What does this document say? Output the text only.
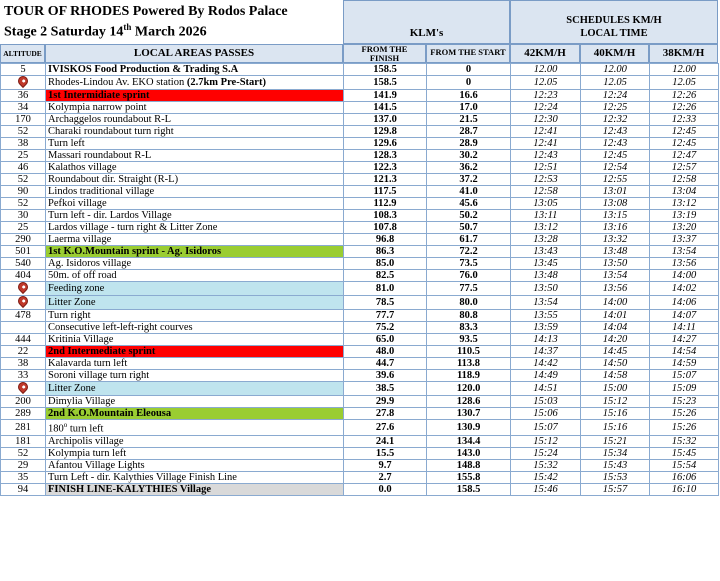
TOUR OF RHODES Powered By Rodos Palace
Stage 2 Saturday 14th March 2026
ALTITUDE	LOCAL AREAS PASSES
KLM's
FROM THE
FINISH
FROM THE START
SCHEDULES KM/H
LOCAL TIME
42KM/H	40KM/H	38KM/H
5	IVISKOS Food Production & Trading S.A	158.5	0	12.00	12.00	12.00
	Rhodes-Lindou Av. EKO station (2.7km Pre-Start)	158.5	0	12.05	12.05	12.05
36	1st Intermidiate sprint	141.9	16.6	12:23	12:24	12:26
34	Kolympia narrow point	141.5	17.0	12:24	12:25	12:26
170	Archaggelos roundabout R-L	137.0	21.5	12:30	12:32	12:33
52	Charaki roundabout turn right	129.8	28.7	12:41	12:43	12:45
38	Turn left	129.6	28.9	12:41	12:43	12:45
25	Massari roundabout R-L	128.3	30.2	12:43	12:45	12:47
46	Kalathos village	122.3	36.2	12:51	12:54	12:57
52	Roundabout dir. Straight (R-L)	121.3	37.2	12:53	12:55	12:58
90	Lindos traditional village	117.5	41.0	12:58	13:01	13:04
52	Pefkoi village	112.9	45.6	13:05	13:08	13:12
30	Turn left - dir. Lardos Village	108.3	50.2	13:11	13:15	13:19
25	Lardos village - turn right & Litter Zone	107.8	50.7	13:12	13:16	13:20
290	Laerma village	96.8	61.7	13:28	13:32	13:37
501	1st K.O.Mountain sprint - Ag. Isidoros	86.3	72.2	13:43	13:48	13:54
540	Ag. Isidoros village	85.0	73.5	13:45	13:50	13:56
404	50m. of off road	82.5	76.0	13:48	13:54	14:00
	Feeding zone	81.0	77.5	13:50	13:56	14:02
	Litter Zone	78.5	80.0	13:54	14:00	14:06
478	Turn right	77.7	80.8	13:55	14:01	14:07
	Consecutive left-left-right courves	75.2	83.3	13:59	14:04	14:11
444	Kritinia Village	65.0	93.5	14:13	14:20	14:27
22	2nd Intermediate sprint	48.0	110.5	14:37	14:45	14:54
38	Kalavarda turn left	44.7	113.8	14:42	14:50	14:59
33	Soroni village turn right	39.6	118.9	14:49	14:58	15:07
	Litter Zone	38.5	120.0	14:51	15:00	15:09
200	Dimylia Village	29.9	128.6	15:03	15:12	15:23
289	2nd K.O.Mountain Eleousa	27.8	130.7	15:06	15:16	15:26
281	180$^o$ turn left	27.6	130.9	15:07	15:16	15:26
181	Archipolis village	24.1	134.4	15:12	15:21	15:32
52	Kolympia turn left	15.5	143.0	15:24	15:34	15:45
29	Afantou Village Lights	9.7	148.8	15:32	15:43	15:54
35	Turn Left - dir. Kalythies Village Finish Line	2.7	155.8	15:42	15:53	16:06
94	FINISH LINE-KALYTHIES Village	0.0	158.5	15:46	15:57	16:10
